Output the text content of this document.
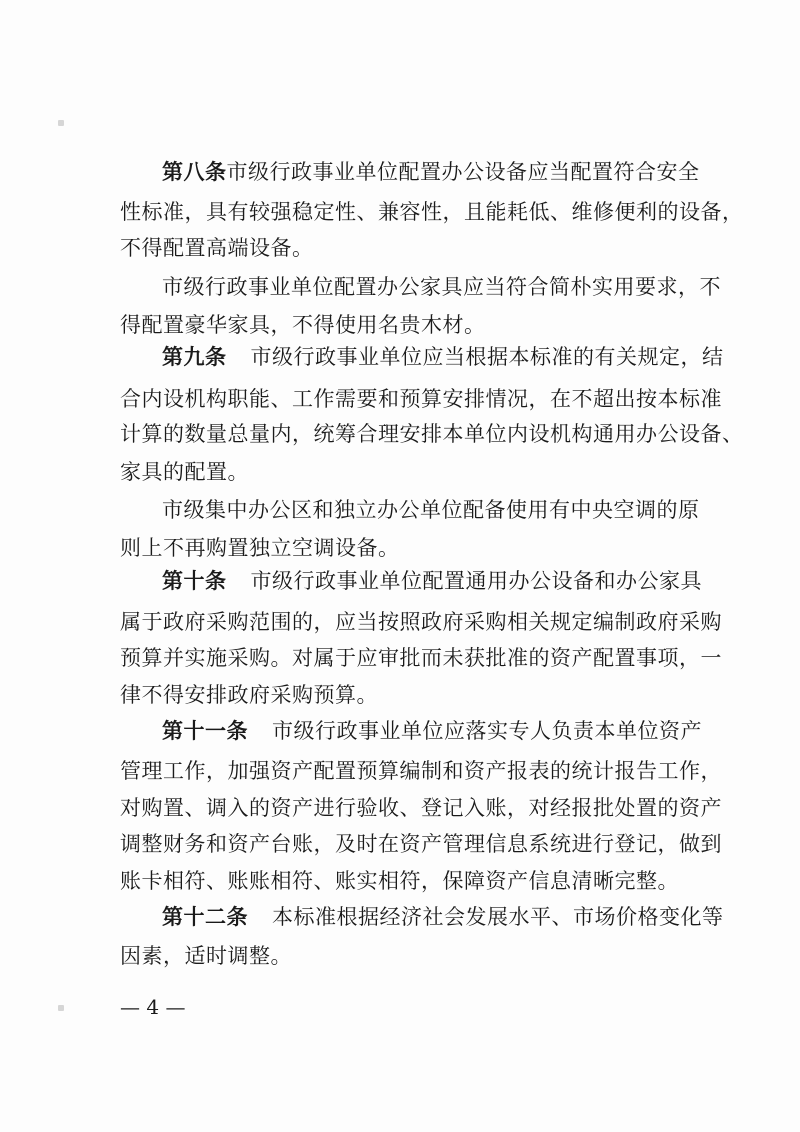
第八条市级行政事业单位配置办公设备应当配置符合安全
性标准，具有较强稳定性、兼容性，且能耗低、维修便利的设备，
不得配置高端设备。
市级行政事业单位配置办公家具应当符合简朴实用要求，不
得配置豪华家具，不得使用名贵木材。
第九条 市级行政事业单位应当根据本标准的有关规定，结
合内设机构职能、工作需要和预算安排情况，在不超出按本标准
计算的数量总量内，统筹合理安排本单位内设机构通用办公设备、
家具的配置。
市级集中办公区和独立办公单位配备使用有中央空调的原
则上不再购置独立空调设备。
第十条 市级行政事业单位配置通用办公设备和办公家具
属于政府采购范围的，应当按照政府采购相关规定编制政府采购
预算并实施采购。对属于应审批而未获批准的资产配置事项，一
律不得安排政府采购预算。
第十一条 市级行政事业单位应落实专人负责本单位资产
管理工作，加强资产配置预算编制和资产报表的统计报告工作，
对购置、调入的资产进行验收、登记入账，对经报批处置的资产
调整财务和资产台账，及时在资产管理信息系统进行登记，做到
账卡相符、账账相符、账实相符，保障资产信息清晰完整。
第十二条 本标准根据经济社会发展水平、市场价格变化等
因素，适时调整。
— 4 —
